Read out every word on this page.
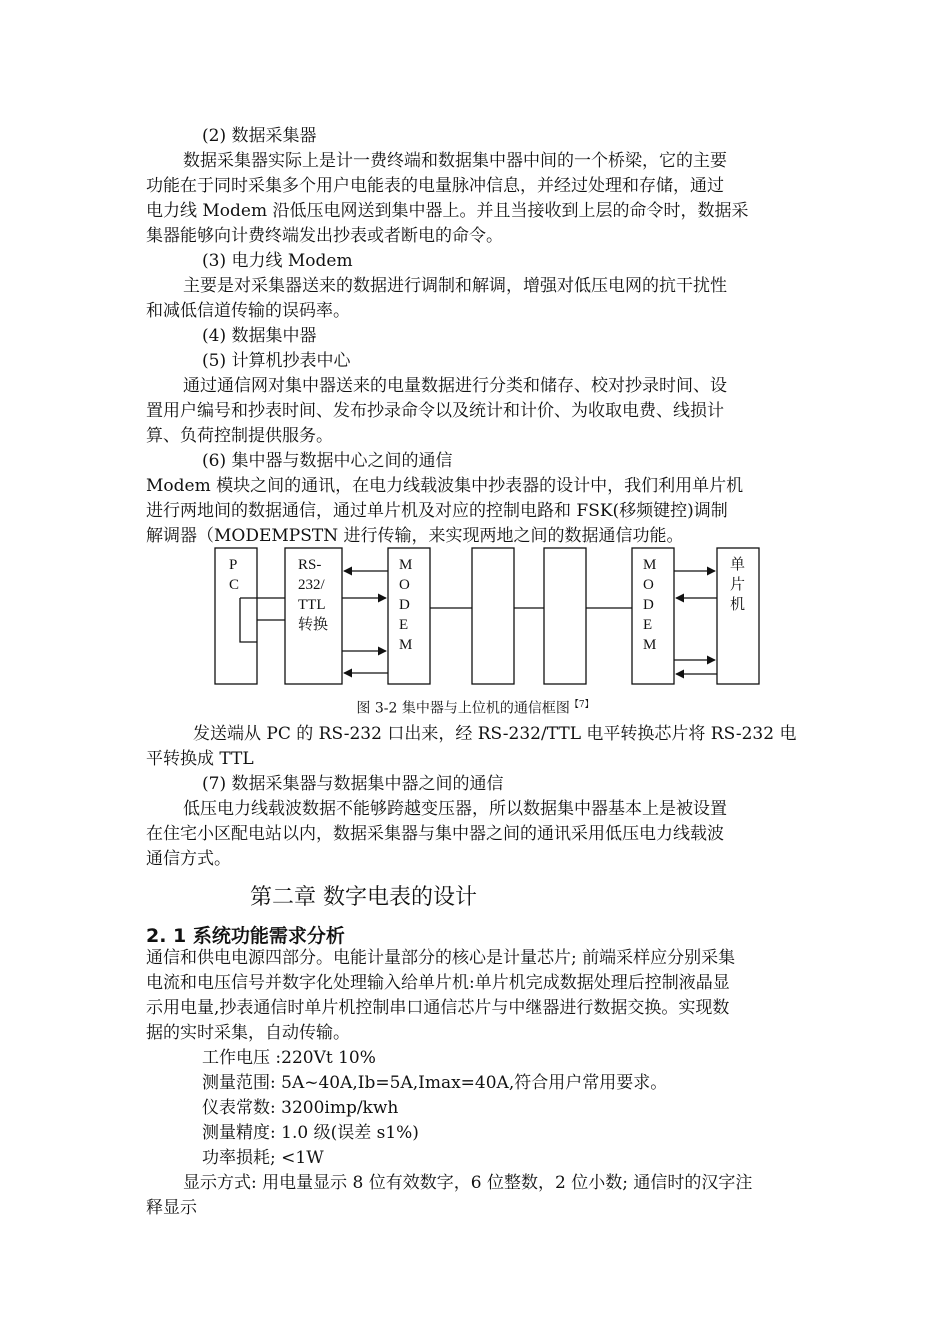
(2) 数据采集器
数据采集器实际上是计一费终端和数据集中器中间的一个桥梁，它的主要
功能在于同时采集多个用户电能表的电量脉冲信息，并经过处理和存储，通过
电力线 Modem 沿低压电网送到集中器上。并且当接收到上层的命令时，数据采
集器能够向计费终端发出抄表或者断电的命令。
(3) 电力线 Modem
主要是对采集器送来的数据进行调制和解调，增强对低压电网的抗干扰性
和减低信道传输的误码率。
(4) 数据集中器
(5) 计算机抄表中心
通过通信网对集中器送来的电量数据进行分类和储存、校对抄录时间、设
置用户编号和抄表时间、发布抄录命令以及统计和计价、为收取电费、线损计
算、负荷控制提供服务。
(6) 集中器与数据中心之间的通信
Modem 模块之间的通讯，在电力线载波集中抄表器的设计中，我们利用单片机
进行两地间的数据通信，通过单片机及对应的控制电路和 FSK(移频键控)调制
解调器（MODEMPSTN 进行传输，来实现两地之间的数据通信功能。
P
C
RS-
232/
TTL
转换
M
O
D
E
M
M
O
D
E
M
单
片
机
图 3-2 集中器与上位机的通信框图$^{【7】}$
发送端从 PC 的 RS-232 口出来，经 RS-232/TTL 电平转换芯片将 RS-232 电
平转换成 TTL
(7) 数据采集器与数据集中器之间的通信
低压电力线载波数据不能够跨越变压器，所以数据集中器基本上是被设置
在住宅小区配电站以内，数据采集器与集中器之间的通讯采用低压电力线载波
通信方式。
第二章 数字电表的设计
2. 1 系统功能需求分析
通信和供电电源四部分。电能计量部分的核心是计量芯片; 前端采样应分别采集
电流和电压信号并数字化处理输入给单片机:单片机完成数据处理后控制液晶显
示用电量,抄表通信时单片机控制串口通信芯片与中继器进行数据交换。实现数
据的实时采集，自动传输。
工作电压 :220Vt 10%
测量范围: 5A~40A,Ib=5A,Imax=40A,符合用户常用要求。
仪表常数: 3200imp/kwh
测量精度: 1.0 级(误差 s1%)
功率损耗; <1W
显示方式: 用电量显示 8 位有效数字，6 位整数，2 位小数; 通信时的汉字注
释显示
